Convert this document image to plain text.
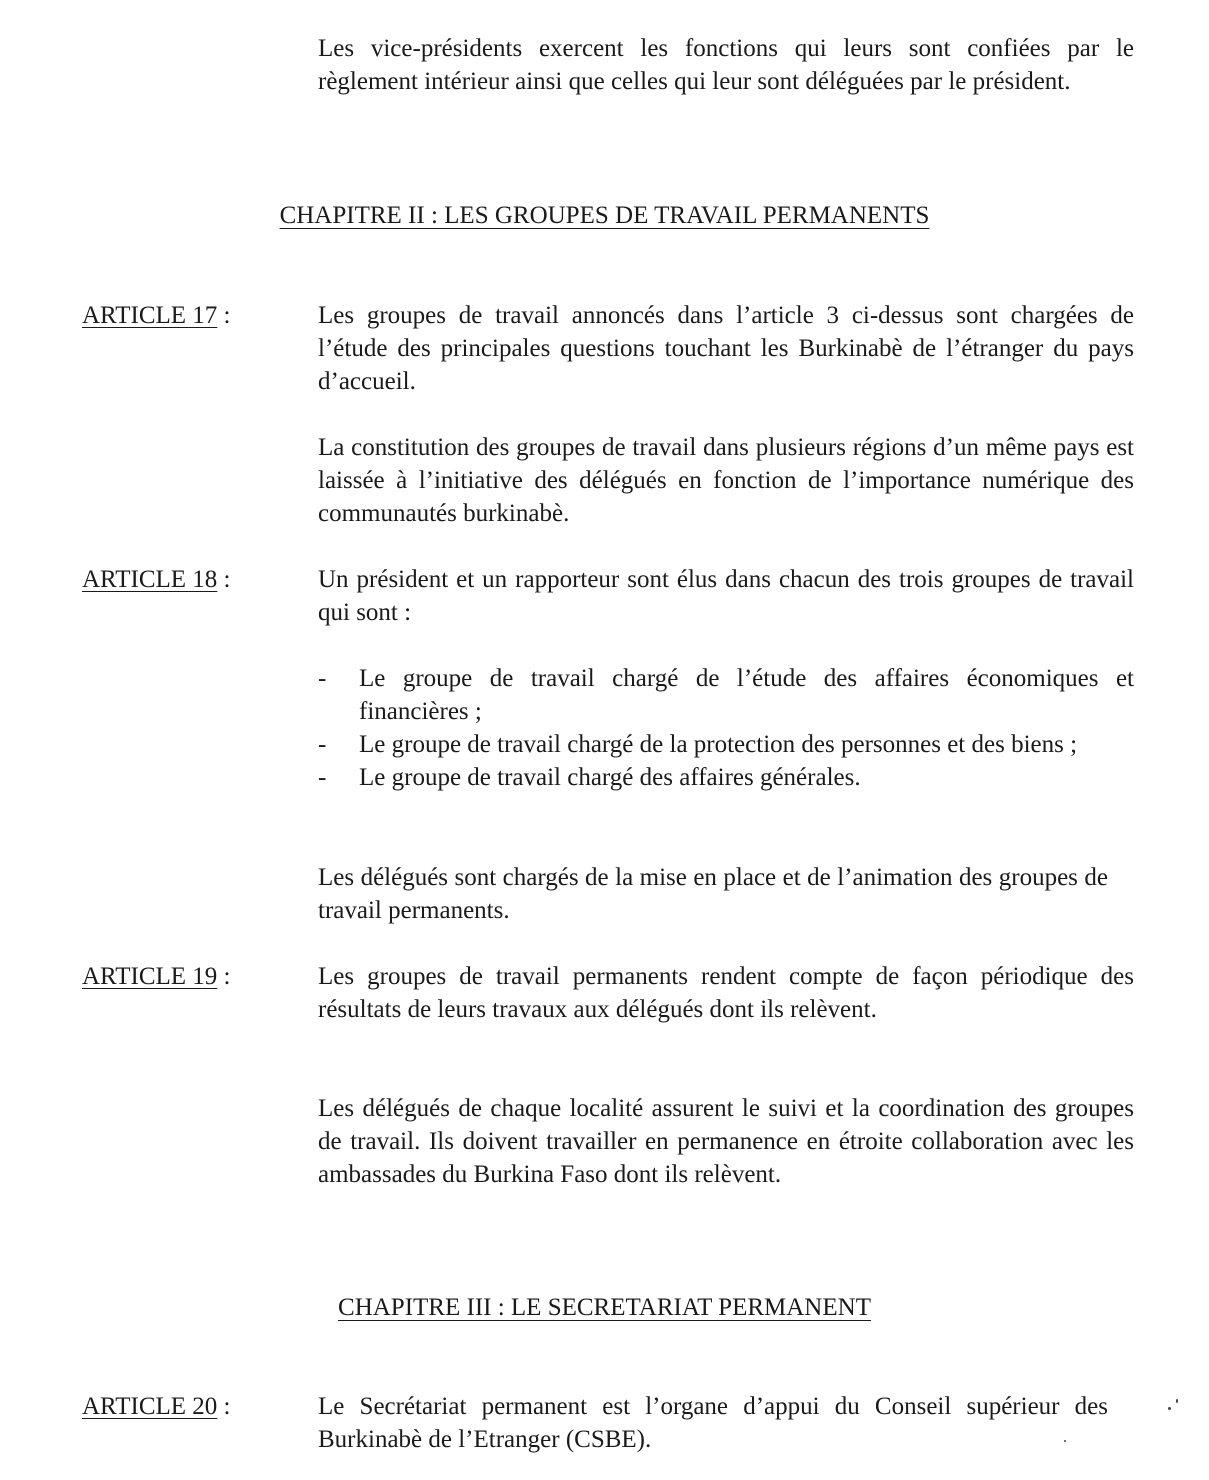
Les vice-présidents exercent les fonctions qui leurs sont confiées par le règlement intérieur ainsi que celles qui leur sont déléguées par le président.

CHAPITRE II : LES GROUPES DE TRAVAIL PERMANENTS
ARTICLE 17 :	Les groupes de travail annoncés dans l’article 3 ci-dessus sont chargées de l’étude des principales questions touchant les Burkinabè de l’étranger du pays d’accueil.

La constitution des groupes de travail dans plusieurs régions d’un même pays est laissée à l’initiative des délégués en fonction de l’importance numérique des communautés burkinabè.

ARTICLE 18 :	Un président et un rapporteur sont élus dans chacun des trois groupes de travail qui sont :

- Le groupe de travail chargé de l’étude des affaires économiques et financières ;
- Le groupe de travail chargé de la protection des personnes et des biens ;
- Le groupe de travail chargé des affaires générales.

Les délégués sont chargés de la mise en place et de l’animation des groupes de travail permanents.

ARTICLE 19 :	Les groupes de travail permanents rendent compte de façon périodique des résultats de leurs travaux aux délégués dont ils relèvent.

Les délégués de chaque localité assurent le suivi et la coordination des groupes de travail. Ils doivent travailler en permanence en étroite collaboration avec les ambassades du Burkina Faso dont ils relèvent.

CHAPITRE III : LE SECRETARIAT PERMANENT
ARTICLE 20 :	Le Secrétariat permanent est l’organe d’appui du Conseil supérieur des Burkinabè de l’Etranger (CSBE).
